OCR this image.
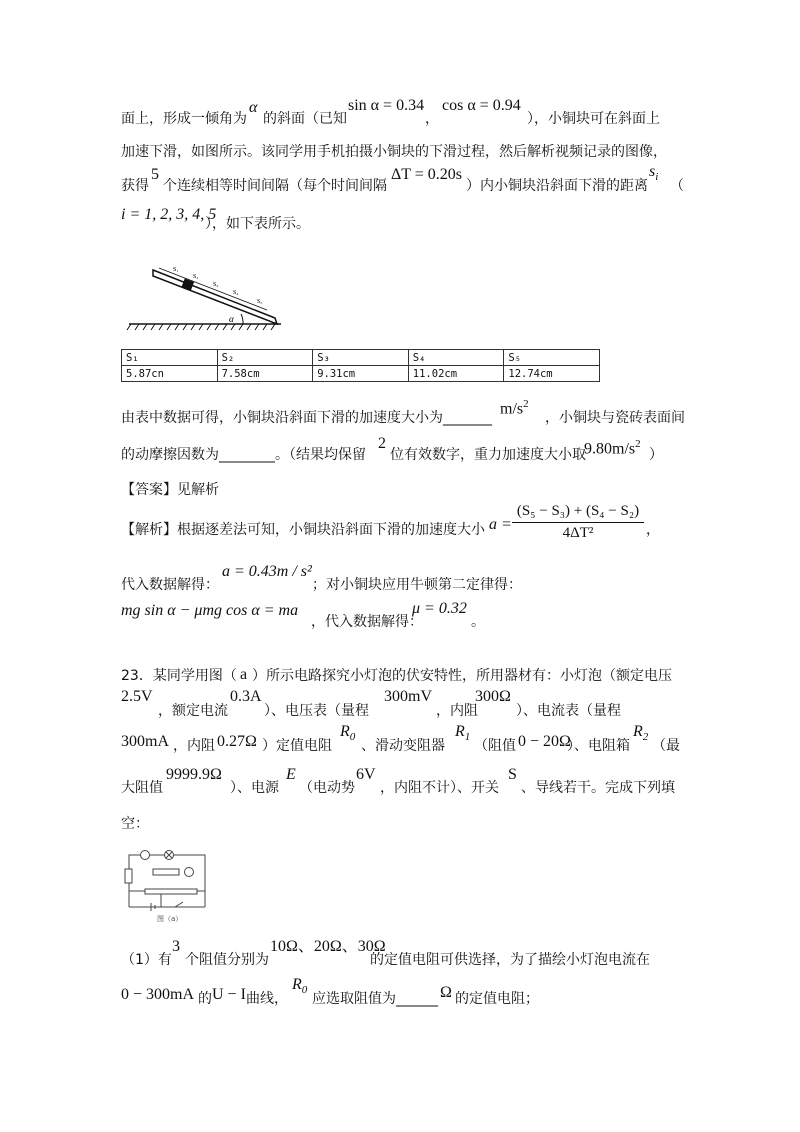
面上，形成一倾角为
α
的斜面（已知
sin α = 0.34
，
cos α = 0.94
），小铜块可在斜面上
加速下滑，如图所示。该同学用手机拍摄小铜块的下滑过程，然后解析视频记录的图像，
获得
5
个连续相等时间间隔（每个时间间隔
ΔT = 0.20s
）内小铜块沿斜面下滑的距离
$s_i$
（
i = 1, 2, 3, 4, 5
），如下表所示。
α
S₁
S₂
S₃
S₄
S₅
S₁	S₂	S₃	S₄	S₅
5.87cn	7.58cm	9.31cm	11.02cm	12.74cm
由表中数据可得，小铜块沿斜面下滑的加速度大小为_______
$m/s^2$
，小铜块与瓷砖表面间
的动摩擦因数为________。（结果均保留
2
位有效数字，重力加速度大小取
$9.80m/s^2$
）
【答案】见解析
【解析】根据逐差法可知，小铜块沿斜面下滑的加速度大小 a =
(S₅ − S₃) + (S₄ − S₂)
4ΔT²	，
代入数据解得：
a = 0.43m / s²
；对小铜块应用牛顿第二定律得：
mg sin α − μmg cos α = ma
，代入数据解得：
μ = 0.32
。
23．某同学用图（ a ）所示电路探究小灯泡的伏安特性，所用器材有：小灯泡（额定电压
2.5V
，额定电流
0.3A
）、电压表（量程
300mV
，内阻
300Ω
）、电流表（量程
300mA ，内阻 0.27Ω ）定值电阻
$R_0$
、滑动变阻器
$R_1$
（阻值 0 − 20Ω
）、电阻箱
$R_2$
（最
大阻值
9999.9Ω
）、电源
E
（电动势
6V
，内阻不计）、开关
S
、导线若干。完成下列填
空：
图（a）
（1）有
3
个阻值分别为
10Ω、20Ω、30Ω
的定值电阻可供选择，为了描绘小灯泡电流在
0 − 300mA 的 U − I 曲线，
$R_0$
应选取阻值为______ Ω 的定值电阻；
